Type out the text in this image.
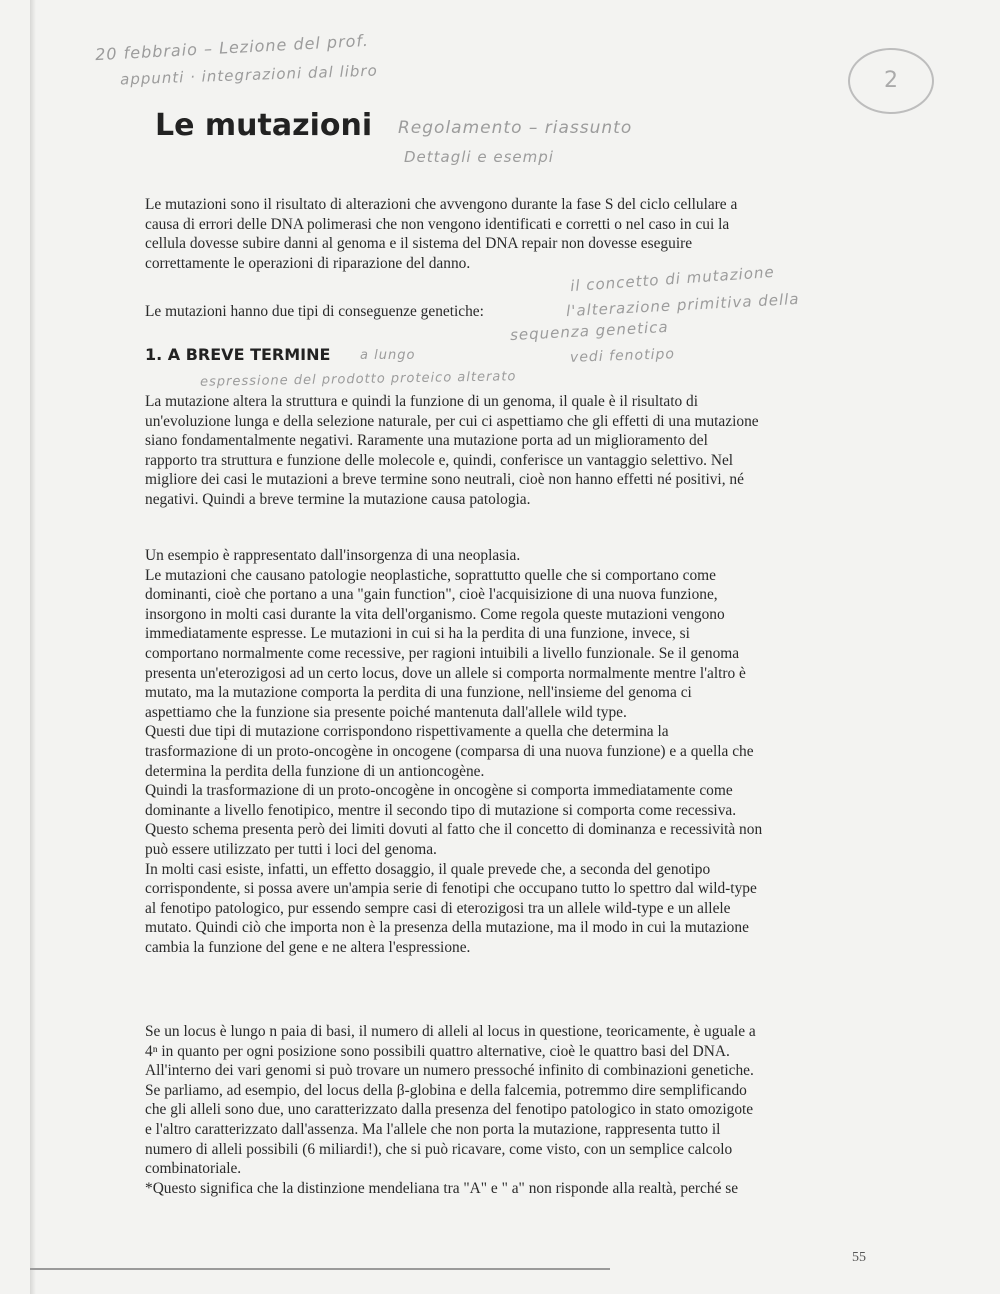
20 febbraio – Lezione del prof.
appunti · integrazioni dal libro	2
Regolamento – riassunto
Dettagli e esempi
il concetto di mutazione
l'alterazione primitiva della
sequenza genetica
vedi fenotipo
a lungo
espressione del prodotto proteico alterato
Le mutazioni
Le mutazioni sono il risultato di alterazioni che avvengono durante la fase S del ciclo cellulare a
causa di errori delle DNA polimerasi che non vengono identificati e corretti o nel caso in cui la
cellula dovesse subire danni al genoma e il sistema del DNA repair non dovesse eseguire
correttamente le operazioni di riparazione del danno.
Le mutazioni hanno due tipi di conseguenze genetiche:
1. A BREVE TERMINE
La mutazione altera la struttura e quindi la funzione di un genoma, il quale è il risultato di
un'evoluzione lunga e della selezione naturale, per cui ci aspettiamo che gli effetti di una mutazione
siano fondamentalmente negativi. Raramente una mutazione porta ad un miglioramento del
rapporto tra struttura e funzione delle molecole e, quindi, conferisce un vantaggio selettivo. Nel
migliore dei casi le mutazioni a breve termine sono neutrali, cioè non hanno effetti né positivi, né
negativi. Quindi a breve termine la mutazione causa patologia.
Un esempio è rappresentato dall'insorgenza di una neoplasia.
Le mutazioni che causano patologie neoplastiche, soprattutto quelle che si comportano come
dominanti, cioè che portano a una "gain function", cioè l'acquisizione di una nuova funzione,
insorgono in molti casi durante la vita dell'organismo. Come regola queste mutazioni vengono
immediatamente espresse. Le mutazioni in cui si ha la perdita di una funzione, invece, si
comportano normalmente come recessive, per ragioni intuibili a livello funzionale. Se il genoma
presenta un'eterozigosi ad un certo locus, dove un allele si comporta normalmente mentre l'altro è
mutato, ma la mutazione comporta la perdita di una funzione, nell'insieme del genoma ci
aspettiamo che la funzione sia presente poiché mantenuta dall'allele wild type.
Questi due tipi di mutazione corrispondono rispettivamente a quella che determina la
trasformazione di un proto-oncogène in oncogene (comparsa di una nuova funzione) e a quella che
determina la perdita della funzione di un antioncogène.
Quindi la trasformazione di un proto-oncogène in oncogène si comporta immediatamente come
dominante a livello fenotipico, mentre il secondo tipo di mutazione si comporta come recessiva.
Questo schema presenta però dei limiti dovuti al fatto che il concetto di dominanza e recessività non
può essere utilizzato per tutti i loci del genoma.
In molti casi esiste, infatti, un effetto dosaggio, il quale prevede che, a seconda del genotipo
corrispondente, si possa avere un'ampia serie di fenotipi che occupano tutto lo spettro dal wild-type
al fenotipo patologico, pur essendo sempre casi di eterozigosi tra un allele wild-type e un allele
mutato. Quindi ciò che importa non è la presenza della mutazione, ma il modo in cui la mutazione
cambia la funzione del gene e ne altera l'espressione.
Se un locus è lungo n paia di basi, il numero di alleli al locus in questione, teoricamente, è uguale a
4ⁿ in quanto per ogni posizione sono possibili quattro alternative, cioè le quattro basi del DNA.
All'interno dei vari genomi si può trovare un numero pressoché infinito di combinazioni genetiche.
Se parliamo, ad esempio, del locus della β-globina e della falcemia, potremmo dire semplificando
che gli alleli sono due, uno caratterizzato dalla presenza del fenotipo patologico in stato omozigote
e l'altro caratterizzato dall'assenza. Ma l'allele che non porta la mutazione, rappresenta tutto il
numero di alleli possibili (6 miliardi!), che si può ricavare, come visto, con un semplice calcolo
combinatoriale.
*Questo significa che la distinzione mendeliana tra "A" e " a" non risponde alla realtà, perché se
55
